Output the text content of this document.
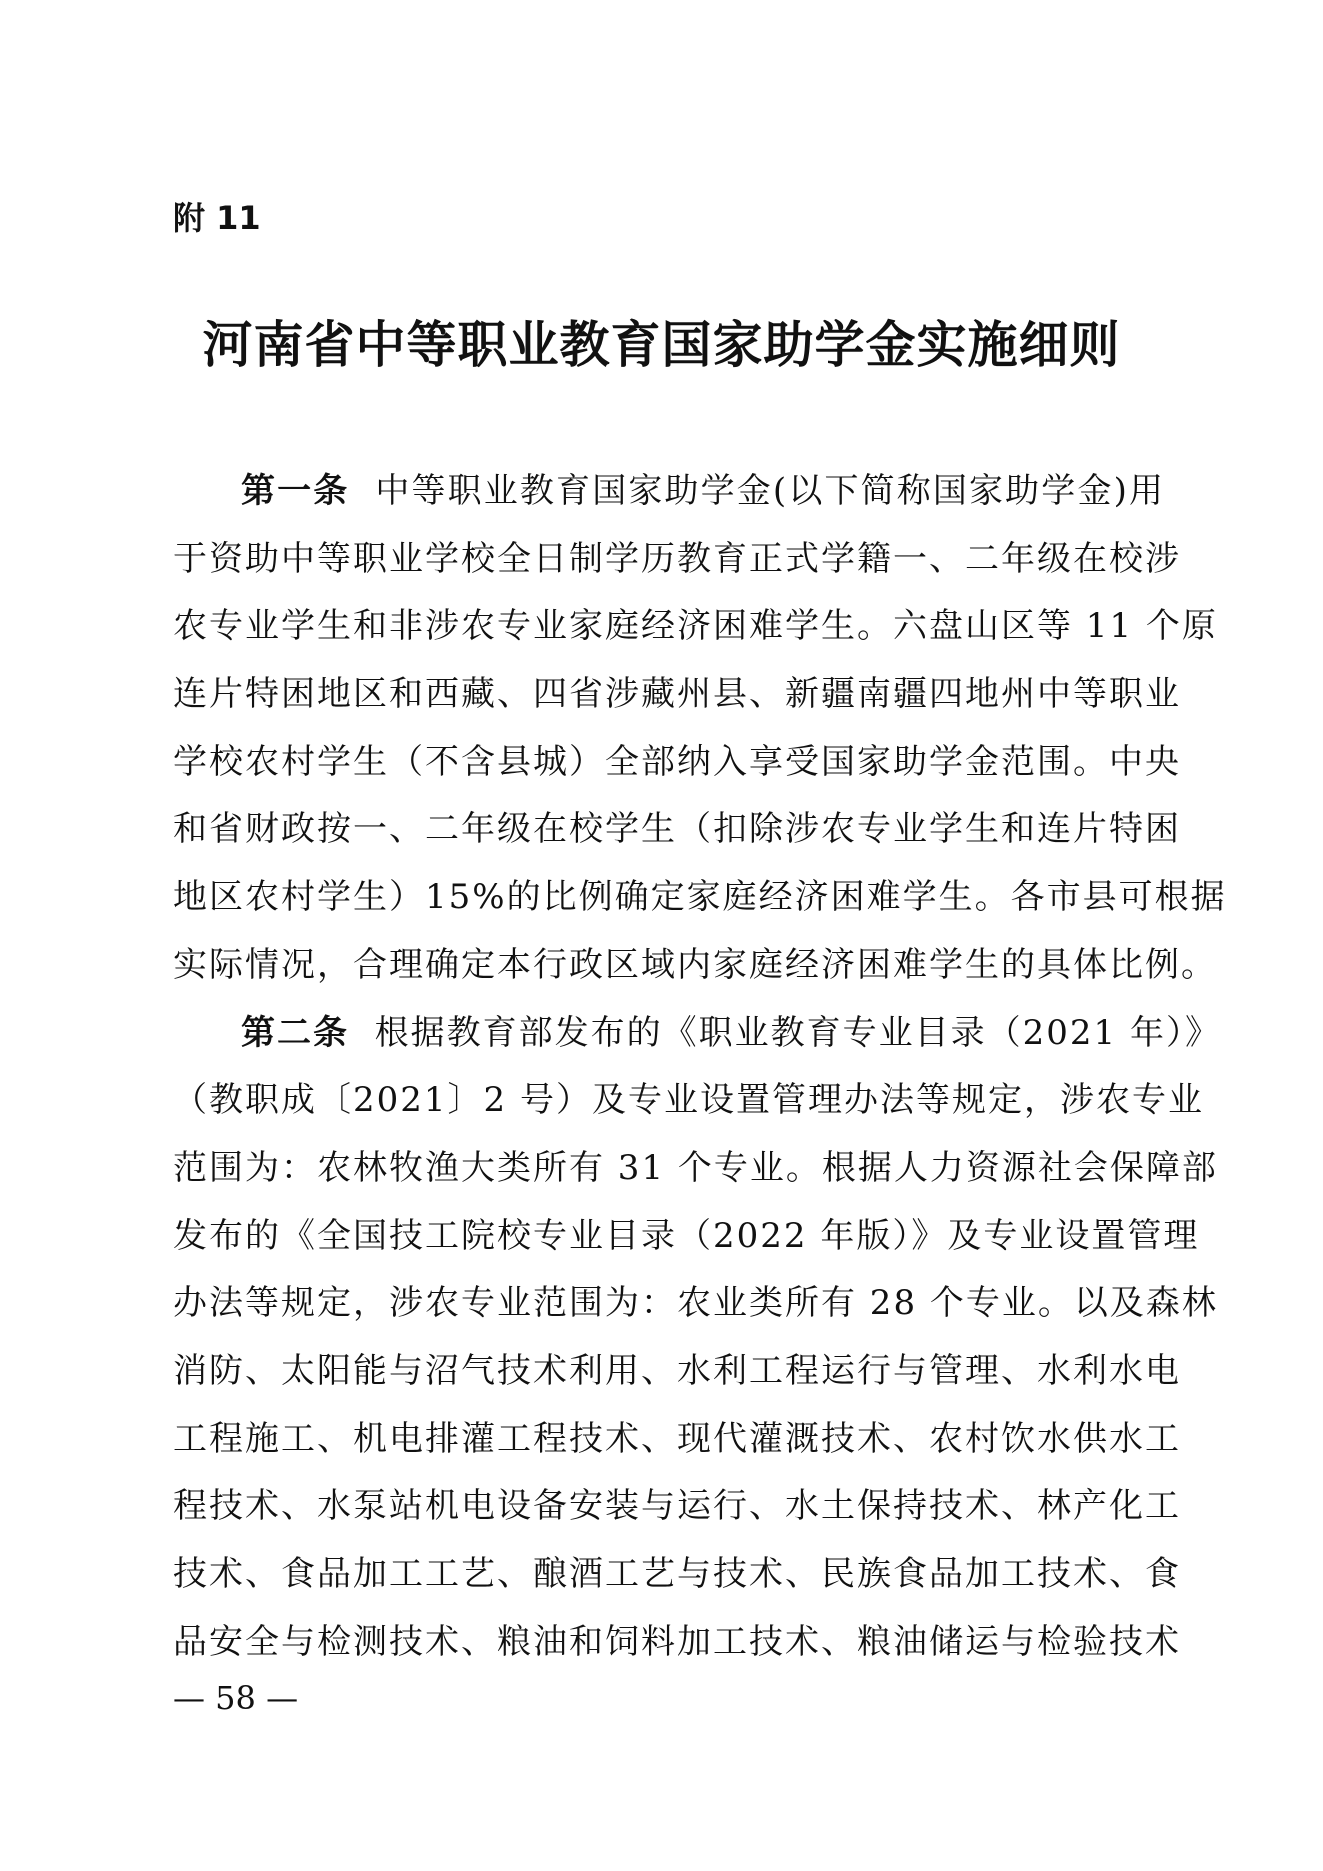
附 11

河南省中等职业教育国家助学金实施细则
第一条 中等职业教育国家助学金(以下简称国家助学金)用
于资助中等职业学校全日制学历教育正式学籍一、二年级在校涉
农专业学生和非涉农专业家庭经济困难学生。六盘山区等 11 个原
连片特困地区和西藏、四省涉藏州县、新疆南疆四地州中等职业
学校农村学生（不含县城）全部纳入享受国家助学金范围。中央
和省财政按一、二年级在校学生（扣除涉农专业学生和连片特困
地区农村学生）15%的比例确定家庭经济困难学生。各市县可根据
实际情况，合理确定本行政区域内家庭经济困难学生的具体比例。
第二条 根据教育部发布的《职业教育专业目录（2021 年）》
（教职成〔2021〕2 号）及专业设置管理办法等规定，涉农专业
范围为：农林牧渔大类所有 31 个专业。根据人力资源社会保障部
发布的《全国技工院校专业目录（2022 年版）》及专业设置管理
办法等规定，涉农专业范围为：农业类所有 28 个专业。以及森林
消防、太阳能与沼气技术利用、水利工程运行与管理、水利水电
工程施工、机电排灌工程技术、现代灌溉技术、农村饮水供水工
程技术、水泵站机电设备安装与运行、水土保持技术、林产化工
技术、食品加工工艺、酿酒工艺与技术、民族食品加工技术、食
品安全与检测技术、粮油和饲料加工技术、粮油储运与检验技术

— 58 —
